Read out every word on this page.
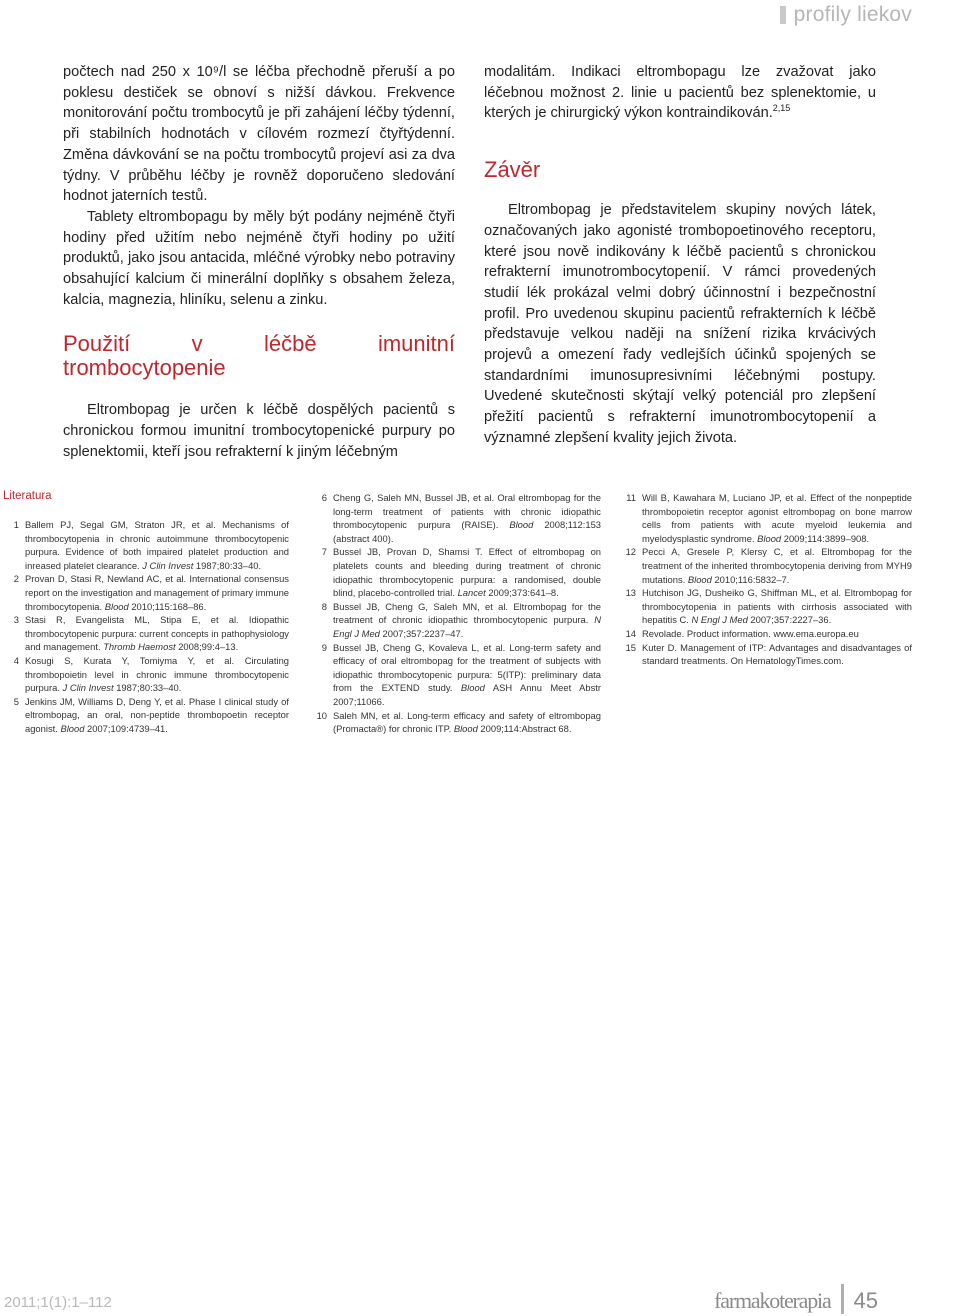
profily liekov

počtech nad 250 x 10⁹/l se léčba přechodně přeruší a po poklesu destiček se obnoví s nižší dávkou. Frekvence monitorování počtu trombocytů je při zahájení léčby týdenní, při stabilních hodnotách v cílovém rozmezí čtyřtýdenní. Změna dávkování se na počtu trombocytů projeví asi za dva týdny. V průběhu léčby je rovněž doporučeno sledování hodnot jaterních testů.

Tablety eltrombopagu by měly být podány nejméně čtyři hodiny před užitím nebo nejméně čtyři hodiny po užití produktů, jako jsou antacida, mléčné výrobky nebo potraviny obsahující kalcium či minerální doplňky s obsahem železa, kalcia, magnezia, hliníku, selenu a zinku.

Použití v léčbě imunitní trombocytopenie

Eltrombopag je určen k léčbě dospělých pacientů s chronickou formou imunitní trombocytopenické purpury po splenektomii, kteří jsou refrakterní k jiným léčebným

modalitám. Indikaci eltrombopagu lze zvažovat jako léčebnou možnost 2. linie u pacientů bez splenektomie, u kterých je chirurgický výkon kontraindikován.$^{2,15}$

Závěr

Eltrombopag je představitelem skupiny nových látek, označovaných jako agonisté trombopoetinového receptoru, které jsou nově indikovány k léčbě pacientů s chronickou refrakterní imunotrombocytopenií. V rámci provedených studií lék prokázal velmi dobrý účinnostní i bezpečnostní profil. Pro uvedenou skupinu pacientů refrakterních k léčbě představuje velkou naději na snížení rizika krvácivých projevů a omezení řady vedlejších účinků spojených se standardními imunosupresivními léčebnými postupy. Uvedené skutečnosti skýtají velký potenciál pro zlepšení přežití pacientů s refrakterní imunotrombocytopenií a významné zlepšení kvality jejich života.

Literatura
1 Ballem PJ, Segal GM, Straton JR, et al. Mechanisms of thrombocytopenia in chronic autoimmune thrombocytopenic purpura. Evidence of both impaired platelet production and inreased platelet clearance. J Clin Invest 1987;80:33–40.
2 Provan D, Stasi R, Newland AC, et al. International consensus report on the investigation and management of primary immune thrombocytopenia. Blood 2010;115:168–86.
3 Stasi R, Evangelista ML, Stipa E, et al. Idiopathic thrombocytopenic purpura: current concepts in pathophysiology and management. Thromb Haemost 2008;99:4–13.
4 Kosugi S, Kurata Y, Tomiyma Y, et al. Circulating thrombopoietin level in chronic immune thrombocytopenic purpura. J Clin Invest 1987;80:33–40.
5 Jenkins JM, Williams D, Deng Y, et al. Phase I clinical study of eltrombopag, an oral, non-peptide thrombopoetin receptor agonist. Blood 2007;109:4739–41.
6 Cheng G, Saleh MN, Bussel JB, et al. Oral eltrombopag for the long-term treatment of patients with chronic idiopathic thrombocytopenic purpura (RAISE). Blood 2008;112:153 (abstract 400).
7 Bussel JB, Provan D, Shamsi T. Effect of eltrombopag on platelets counts and bleeding during treatment of chronic idiopathic thrombocytopenic purpura: a randomised, double blind, placebo-controlled trial. Lancet 2009;373:641–8.
8 Bussel JB, Cheng G, Saleh MN, et al. Eltrombopag for the treatment of chronic idiopathic thrombocytopenic purpura. N Engl J Med 2007;357:2237–47.
9 Bussel JB, Cheng G, Kovaleva L, et al. Long-term safety and efficacy of oral eltrombopag for the treatment of subjects with idiopathic thrombocytopenic purpura: 5(ITP): preliminary data from the EXTEND study. Blood ASH Annu Meet Abstr 2007;11066.
10 Saleh MN, et al. Long-term efficacy and safety of eltrombopag (Promacta®) for chronic ITP. Blood 2009;114:Abstract 68.
11 Will B, Kawahara M, Luciano JP, et al. Effect of the nonpeptide thrombopoietin receptor agonist eltrombopag on bone marrow cells from patients with acute myeloid leukemia and myelodysplastic syndrome. Blood 2009;114:3899–908.
12 Pecci A, Gresele P, Klersy C, et al. Eltrombopag for the treatment of the inherited thrombocytopenia deriving from MYH9 mutations. Blood 2010;116:5832–7.
13 Hutchison JG, Dusheiko G, Shiffman ML, et al. Eltrombopag for thrombocytopenia in patients with cirrhosis associated with hepatitis C. N Engl J Med 2007;357:2227–36.
14 Revolade. Product information. www.ema.europa.eu
15 Kuter D. Management of ITP: Advantages and disadvantages of standard treatments. On HematologyTimes.com.
2011;1(1):1–112	farmakoterapia 45
